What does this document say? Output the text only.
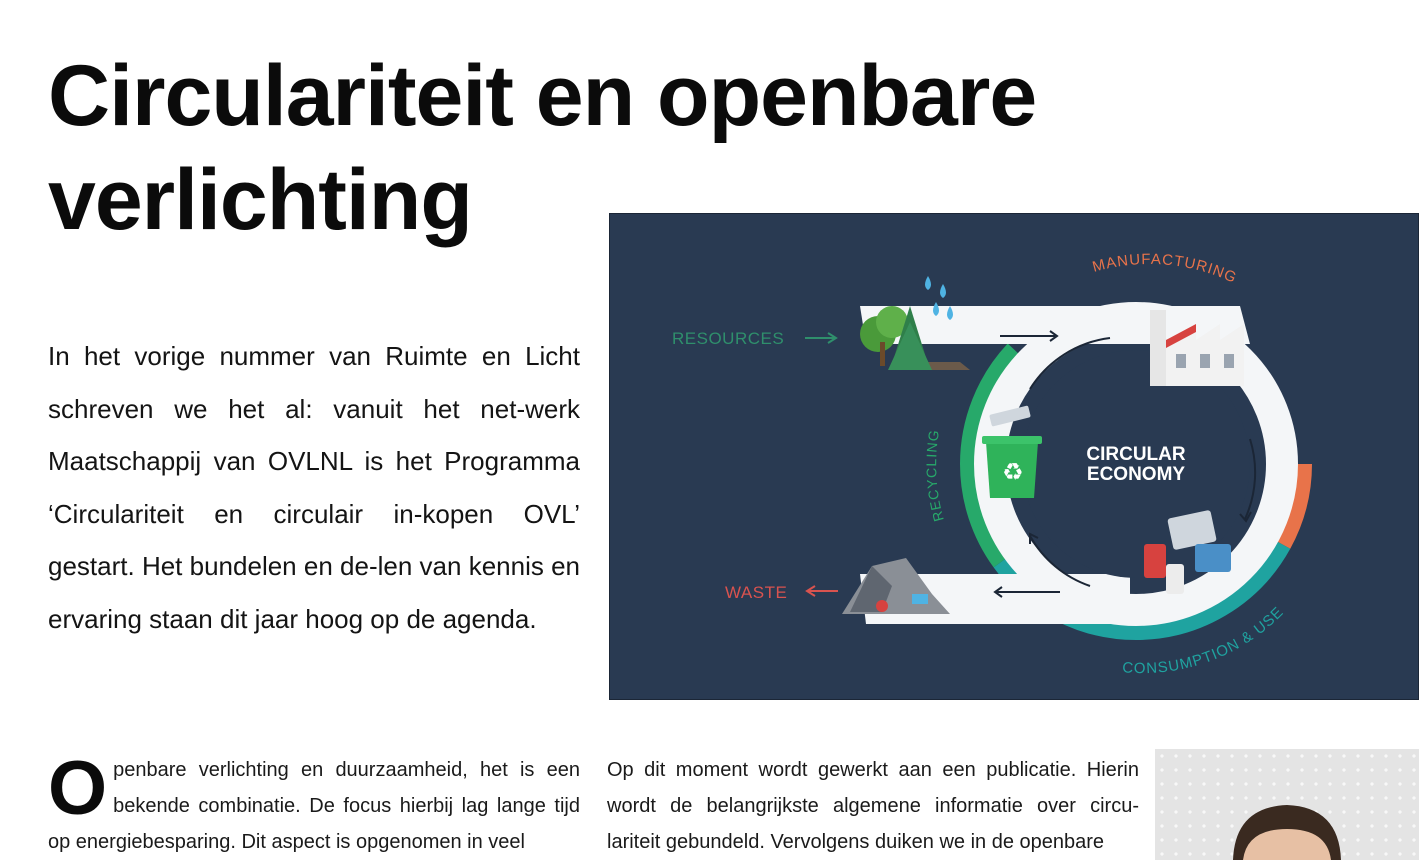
Circulariteit en openbare verlichting

In het vorige nummer van Ruimte en Licht schreven we het al: vanuit het net-werk Maatschappij van OVLNL is het Programma ‘Circulariteit en circulair in-kopen OVL’ gestart. Het bundelen en de-len van kennis en ervaring staan dit jaar hoog op de agenda.

RESOURCES
WASTE
♻
CIRCULAR
ECONOMY
MANUFACTURING
CONSUMPTION & USE
RECYCLING

Openbare verlichting en duurzaamheid, het is een bekende combinatie. De focus hierbij lag lange tijd op energiebesparing. Dit aspect is opgenomen in veel

Op dit moment wordt gewerkt aan een publicatie. Hierin wordt de belangrijkste algemene informatie over circu-lariteit gebundeld. Vervolgens duiken we in de openbare
